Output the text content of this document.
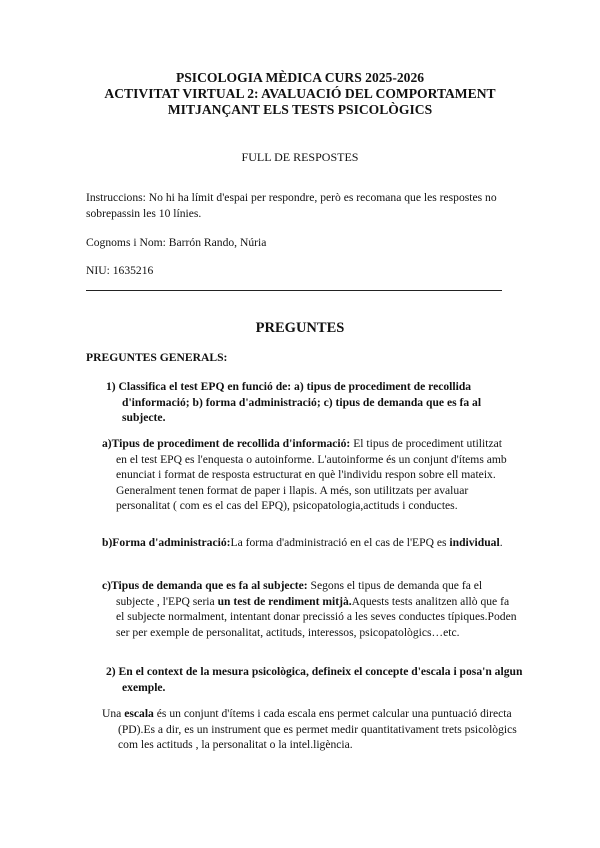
PSICOLOGIA MÈDICA CURS 2025-2026
ACTIVITAT VIRTUAL 2: AVALUACIÓ DEL COMPORTAMENT
MITJANÇANT ELS TESTS PSICOLÒGICS
FULL DE RESPOSTES
Instruccions: No hi ha límit d'espai per respondre, però es recomana que les respostes no sobrepassin les 10 línies.
Cognoms i Nom: Barrón Rando, Núria
NIU: 1635216
PREGUNTES
PREGUNTES GENERALS:
1) Classifica el test EPQ en funció de: a) tipus de procediment de recollida d'informació; b) forma d'administració; c) tipus de demanda que es fa al subjecte.
a)Tipus de procediment de recollida d'informació: El tipus de procediment utilitzat en el test EPQ es l'enquesta o autoinforme. L'autoinforme és un conjunt d'ítems amb enunciat i format de resposta estructurat en què l'individu respon sobre ell mateix. Generalment tenen format de paper i llapis. A més, son utilitzats per avaluar personalitat ( com es el cas del EPQ), psicopatologia,actituds i conductes.
b)Forma d'administració:La forma d'administració en el cas de l'EPQ es individual.
c)Tipus de demanda que es fa al subjecte: Segons el tipus de demanda que fa el subjecte , l'EPQ seria un test de rendiment mitjà.Aquests tests analitzen allò que fa el subjecte normalment, intentant donar precissió a les seves conductes típiques.Poden ser per exemple de personalitat, actituds, interessos, psicopatològics…etc.
2) En el context de la mesura psicològica, defineix el concepte d'escala i posa'n algun exemple.
Una escala és un conjunt d'ítems i cada escala ens permet calcular una puntuació directa (PD).Es a dir, es un instrument que es permet medir quantitativament trets psicològics com les actituds , la personalitat o la intel.ligència.
